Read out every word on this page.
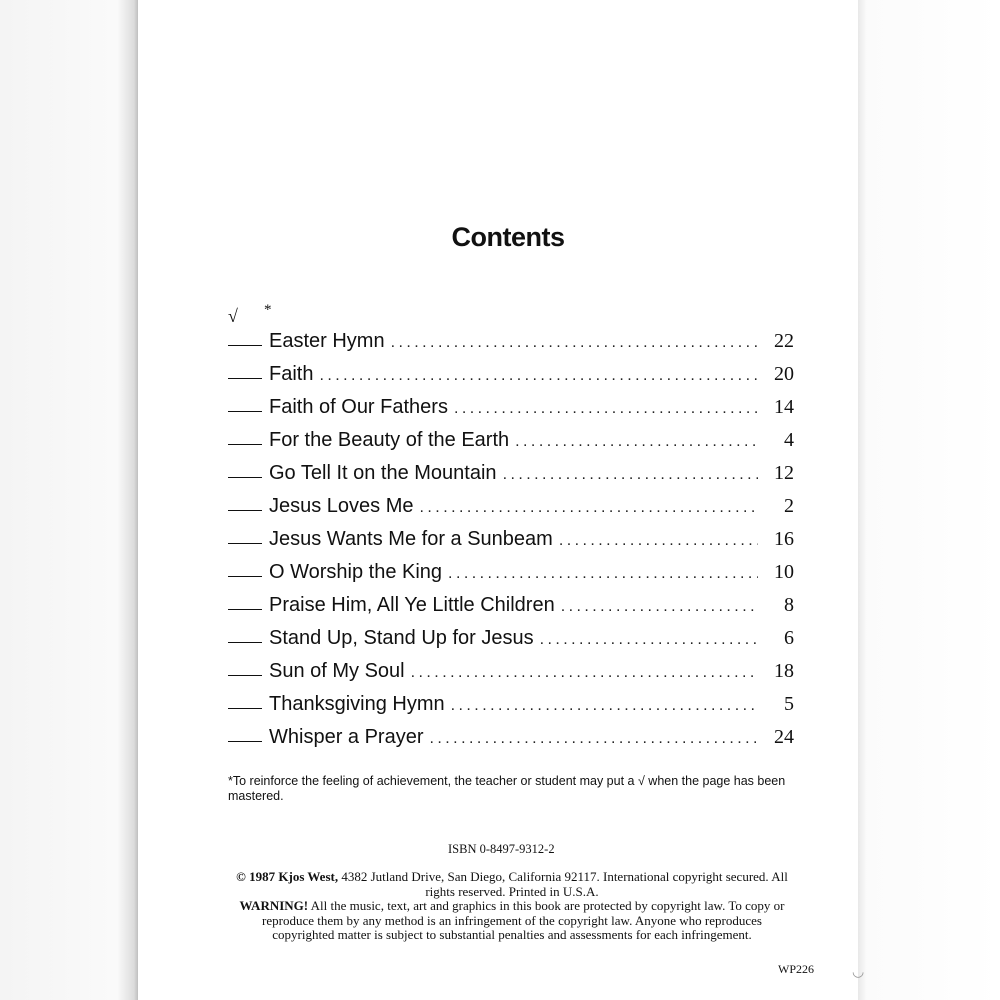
Contents
√ *
Easter Hymn . . .	22
Faith . . .	20
Faith of Our Fathers . . .	14
For the Beauty of the Earth . . .	4
Go Tell It on the Mountain . . .	12
Jesus Loves Me . . .	2
Jesus Wants Me for a Sunbeam . . .	16
O Worship the King . . .	10
Praise Him, All Ye Little Children . . .	8
Stand Up, Stand Up for Jesus . . .	6
Sun of My Soul . . .	18
Thanksgiving Hymn . . .	5
Whisper a Prayer . . .	24
*To reinforce the feeling of achievement, the teacher or student may put a √ when the page has been mastered.
ISBN 0-8497-9312-2
© 1987 Kjos West, 4382 Jutland Drive, San Diego, California 92117. International copyright secured. All rights reserved. Printed in U.S.A.
WARNING! All the music, text, art and graphics in this book are protected by copyright law. To copy or reproduce them by any method is an infringement of the copyright law. Anyone who reproduces copyrighted matter is subject to substantial penalties and assessments for each infringement.
WP226	◡
